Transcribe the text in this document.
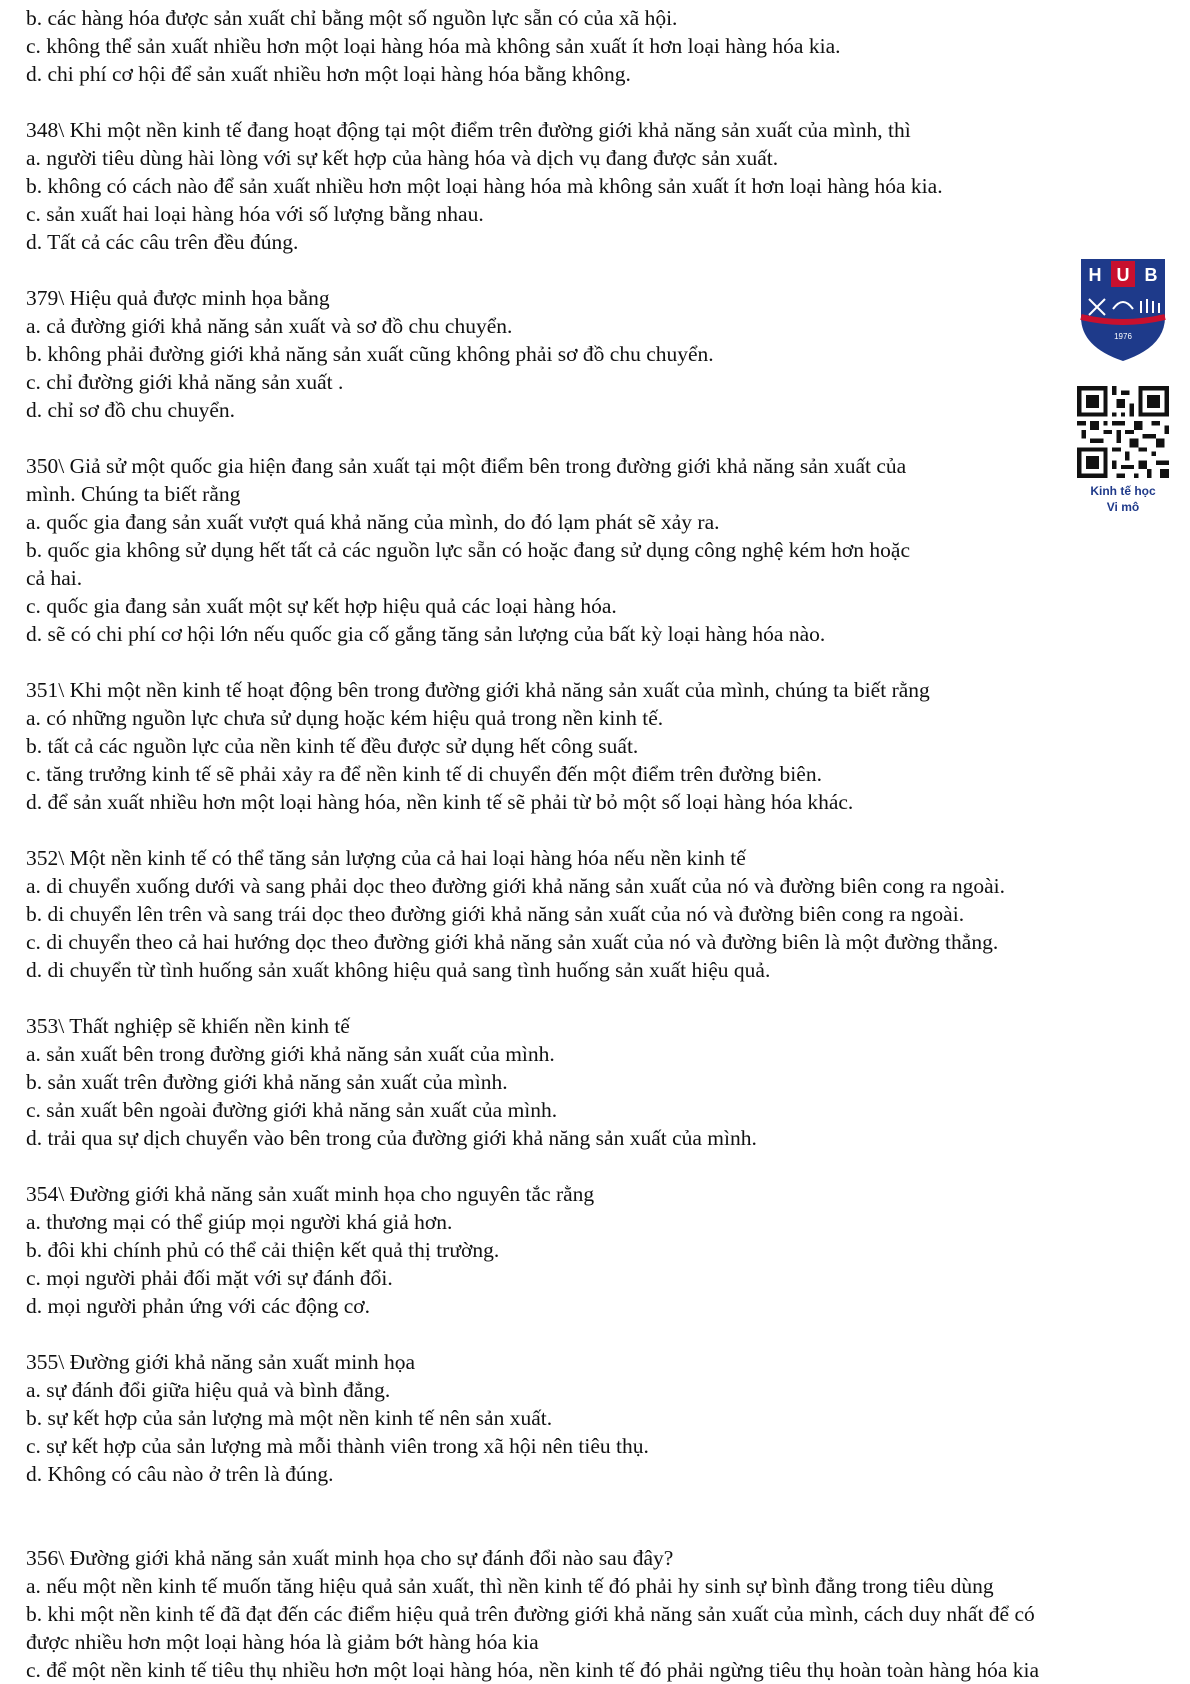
b. các hàng hóa được sản xuất chỉ bằng một số nguồn lực sẵn có của xã hội.
c. không thể sản xuất nhiều hơn một loại hàng hóa mà không sản xuất ít hơn loại hàng hóa kia.
d. chi phí cơ hội để sản xuất nhiều hơn một loại hàng hóa bằng không.
348\ Khi một nền kinh tế đang hoạt động tại một điểm trên đường giới khả năng sản xuất của mình, thì
a. người tiêu dùng hài lòng với sự kết hợp của hàng hóa và dịch vụ đang được sản xuất.
b. không có cách nào để sản xuất nhiều hơn một loại hàng hóa mà không sản xuất ít hơn loại hàng hóa kia.
c. sản xuất hai loại hàng hóa với số lượng bằng nhau.
d. Tất cả các câu trên đều đúng.
379\ Hiệu quả được minh họa bằng
a. cả đường giới khả năng sản xuất và sơ đồ chu chuyển.
b. không phải đường giới khả năng sản xuất cũng không phải sơ đồ chu chuyển.
c. chỉ đường giới khả năng sản xuất .
d. chỉ sơ đồ chu chuyển.
350\ Giả sử một quốc gia hiện đang sản xuất tại một điểm bên trong đường giới khả năng sản xuất của
mình. Chúng ta biết rằng
a. quốc gia đang sản xuất vượt quá khả năng của mình, do đó lạm phát sẽ xảy ra.
b. quốc gia không sử dụng hết tất cả các nguồn lực sẵn có hoặc đang sử dụng công nghệ kém hơn hoặc
cả hai.
c. quốc gia đang sản xuất một sự kết hợp hiệu quả các loại hàng hóa.
d. sẽ có chi phí cơ hội lớn nếu quốc gia cố gắng tăng sản lượng của bất kỳ loại hàng hóa nào.
351\ Khi một nền kinh tế hoạt động bên trong đường giới khả năng sản xuất của mình, chúng ta biết rằng
a. có những nguồn lực chưa sử dụng hoặc kém hiệu quả trong nền kinh tế.
b. tất cả các nguồn lực của nền kinh tế đều được sử dụng hết công suất.
c. tăng trưởng kinh tế sẽ phải xảy ra để nền kinh tế di chuyển đến một điểm trên đường biên.
d. để sản xuất nhiều hơn một loại hàng hóa, nền kinh tế sẽ phải từ bỏ một số loại hàng hóa khác.
352\ Một nền kinh tế có thể tăng sản lượng của cả hai loại hàng hóa nếu nền kinh tế
a. di chuyển xuống dưới và sang phải dọc theo đường giới khả năng sản xuất của nó và đường biên cong ra ngoài.
b. di chuyển lên trên và sang trái dọc theo đường giới khả năng sản xuất của nó và đường biên cong ra ngoài.
c. di chuyển theo cả hai hướng dọc theo đường giới khả năng sản xuất của nó và đường biên là một đường thẳng.
d. di chuyển từ tình huống sản xuất không hiệu quả sang tình huống sản xuất hiệu quả.
353\ Thất nghiệp sẽ khiến nền kinh tế
a. sản xuất bên trong đường giới khả năng sản xuất của mình.
b. sản xuất trên đường giới khả năng sản xuất của mình.
c. sản xuất bên ngoài đường giới khả năng sản xuất của mình.
d. trải qua sự dịch chuyển vào bên trong của đường giới khả năng sản xuất của mình.
354\ Đường giới khả năng sản xuất minh họa cho nguyên tắc rằng
a. thương mại có thể giúp mọi người khá giả hơn.
b. đôi khi chính phủ có thể cải thiện kết quả thị trường.
c. mọi người phải đối mặt với sự đánh đổi.
d. mọi người phản ứng với các động cơ.
355\ Đường giới khả năng sản xuất minh họa
a. sự đánh đổi giữa hiệu quả và bình đẳng.
b. sự kết hợp của sản lượng mà một nền kinh tế nên sản xuất.
c. sự kết hợp của sản lượng mà mỗi thành viên trong xã hội nên tiêu thụ.
d. Không có câu nào ở trên là đúng.
356\ Đường giới khả năng sản xuất minh họa cho sự đánh đổi nào sau đây?
a. nếu một nền kinh tế muốn tăng hiệu quả sản xuất, thì nền kinh tế đó phải hy sinh sự bình đẳng trong tiêu dùng
b. khi một nền kinh tế đã đạt đến các điểm hiệu quả trên đường giới khả năng sản xuất của mình, cách duy nhất để có
được nhiều hơn một loại hàng hóa là giảm bớt hàng hóa kia
c. để một nền kinh tế tiêu thụ nhiều hơn một loại hàng hóa, nền kinh tế đó phải ngừng tiêu thụ hoàn toàn hàng hóa kia
H U B
1976
Kinh tế học
Vi mô
